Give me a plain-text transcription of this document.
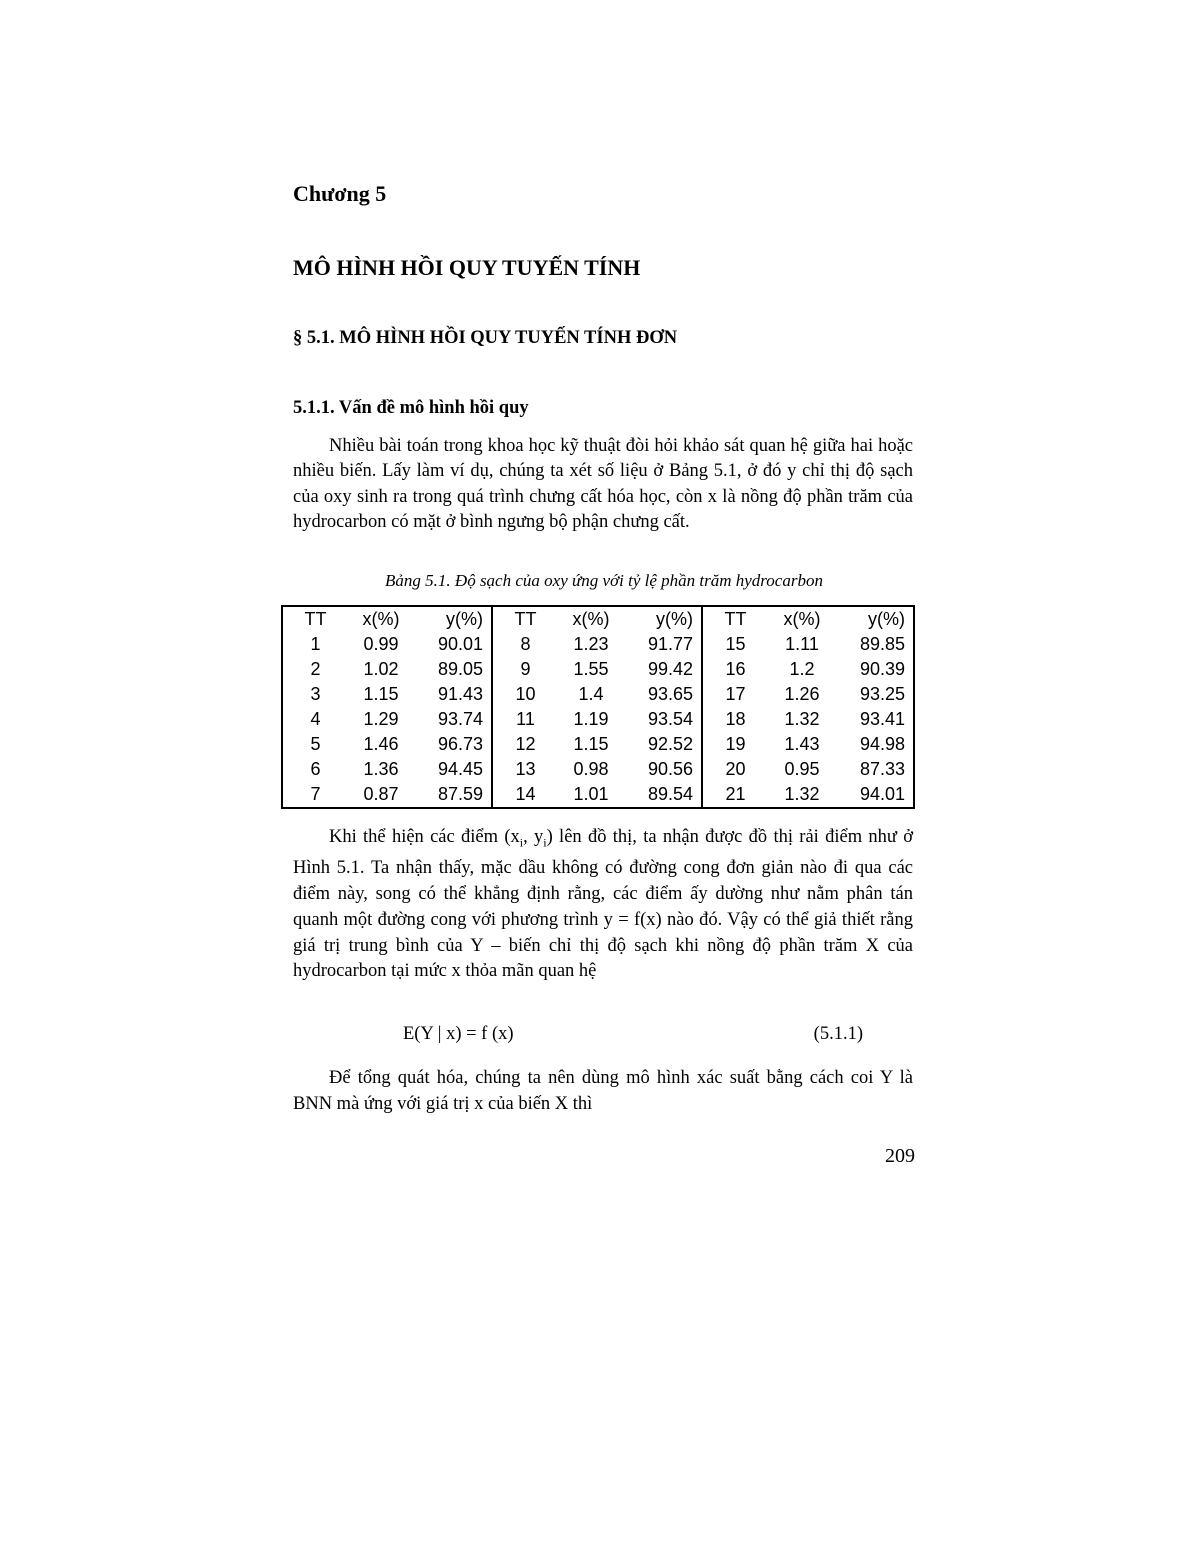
Chương 5
MÔ HÌNH HỒI QUY TUYẾN TÍNH
§ 5.1. MÔ HÌNH HỒI QUY TUYẾN TÍNH ĐƠN
5.1.1. Vấn đề mô hình hồi quy

Nhiều bài toán trong khoa học kỹ thuật đòi hỏi khảo sát quan hệ giữa hai hoặc nhiều biến. Lấy làm ví dụ, chúng ta xét số liệu ở Bảng 5.1, ở đó y chỉ thị độ sạch của oxy sinh ra trong quá trình chưng cất hóa học, còn x là nồng độ phần trăm của hydrocarbon có mặt ở bình ngưng bộ phận chưng cất.

Bảng 5.1. Độ sạch của oxy ứng với tỷ lệ phần trăm hydrocarbon
TT	x(%)	y(%)	TT	x(%)	y(%)	TT	x(%)	y(%)
1	0.99	90.01	8	1.23	91.77	15	1.11	89.85
2	1.02	89.05	9	1.55	99.42	16	1.2	90.39
3	1.15	91.43	10	1.4	93.65	17	1.26	93.25
4	1.29	93.74	11	1.19	93.54	18	1.32	93.41
5	1.46	96.73	12	1.15	92.52	19	1.43	94.98
6	1.36	94.45	13	0.98	90.56	20	0.95	87.33
7	0.87	87.59	14	1.01	89.54	21	1.32	94.01

Khi thể hiện các điểm ($x_i$, $y_i$) lên đồ thị, ta nhận được đồ thị rải điểm như ở Hình 5.1. Ta nhận thấy, mặc dầu không có đường cong đơn giản nào đi qua các điểm này, song có thể khẳng định rằng, các điểm ấy dường như nằm phân tán quanh một đường cong với phương trình y = f(x) nào đó. Vậy có thể giả thiết rằng giá trị trung bình của Y – biến chỉ thị độ sạch khi nồng độ phần trăm X của hydrocarbon tại mức x thỏa mãn quan hệ

E(Y | x) = f (x)	(5.1.1)

Để tổng quát hóa, chúng ta nên dùng mô hình xác suất bằng cách coi Y là BNN mà ứng với giá trị x của biến X thì

209
